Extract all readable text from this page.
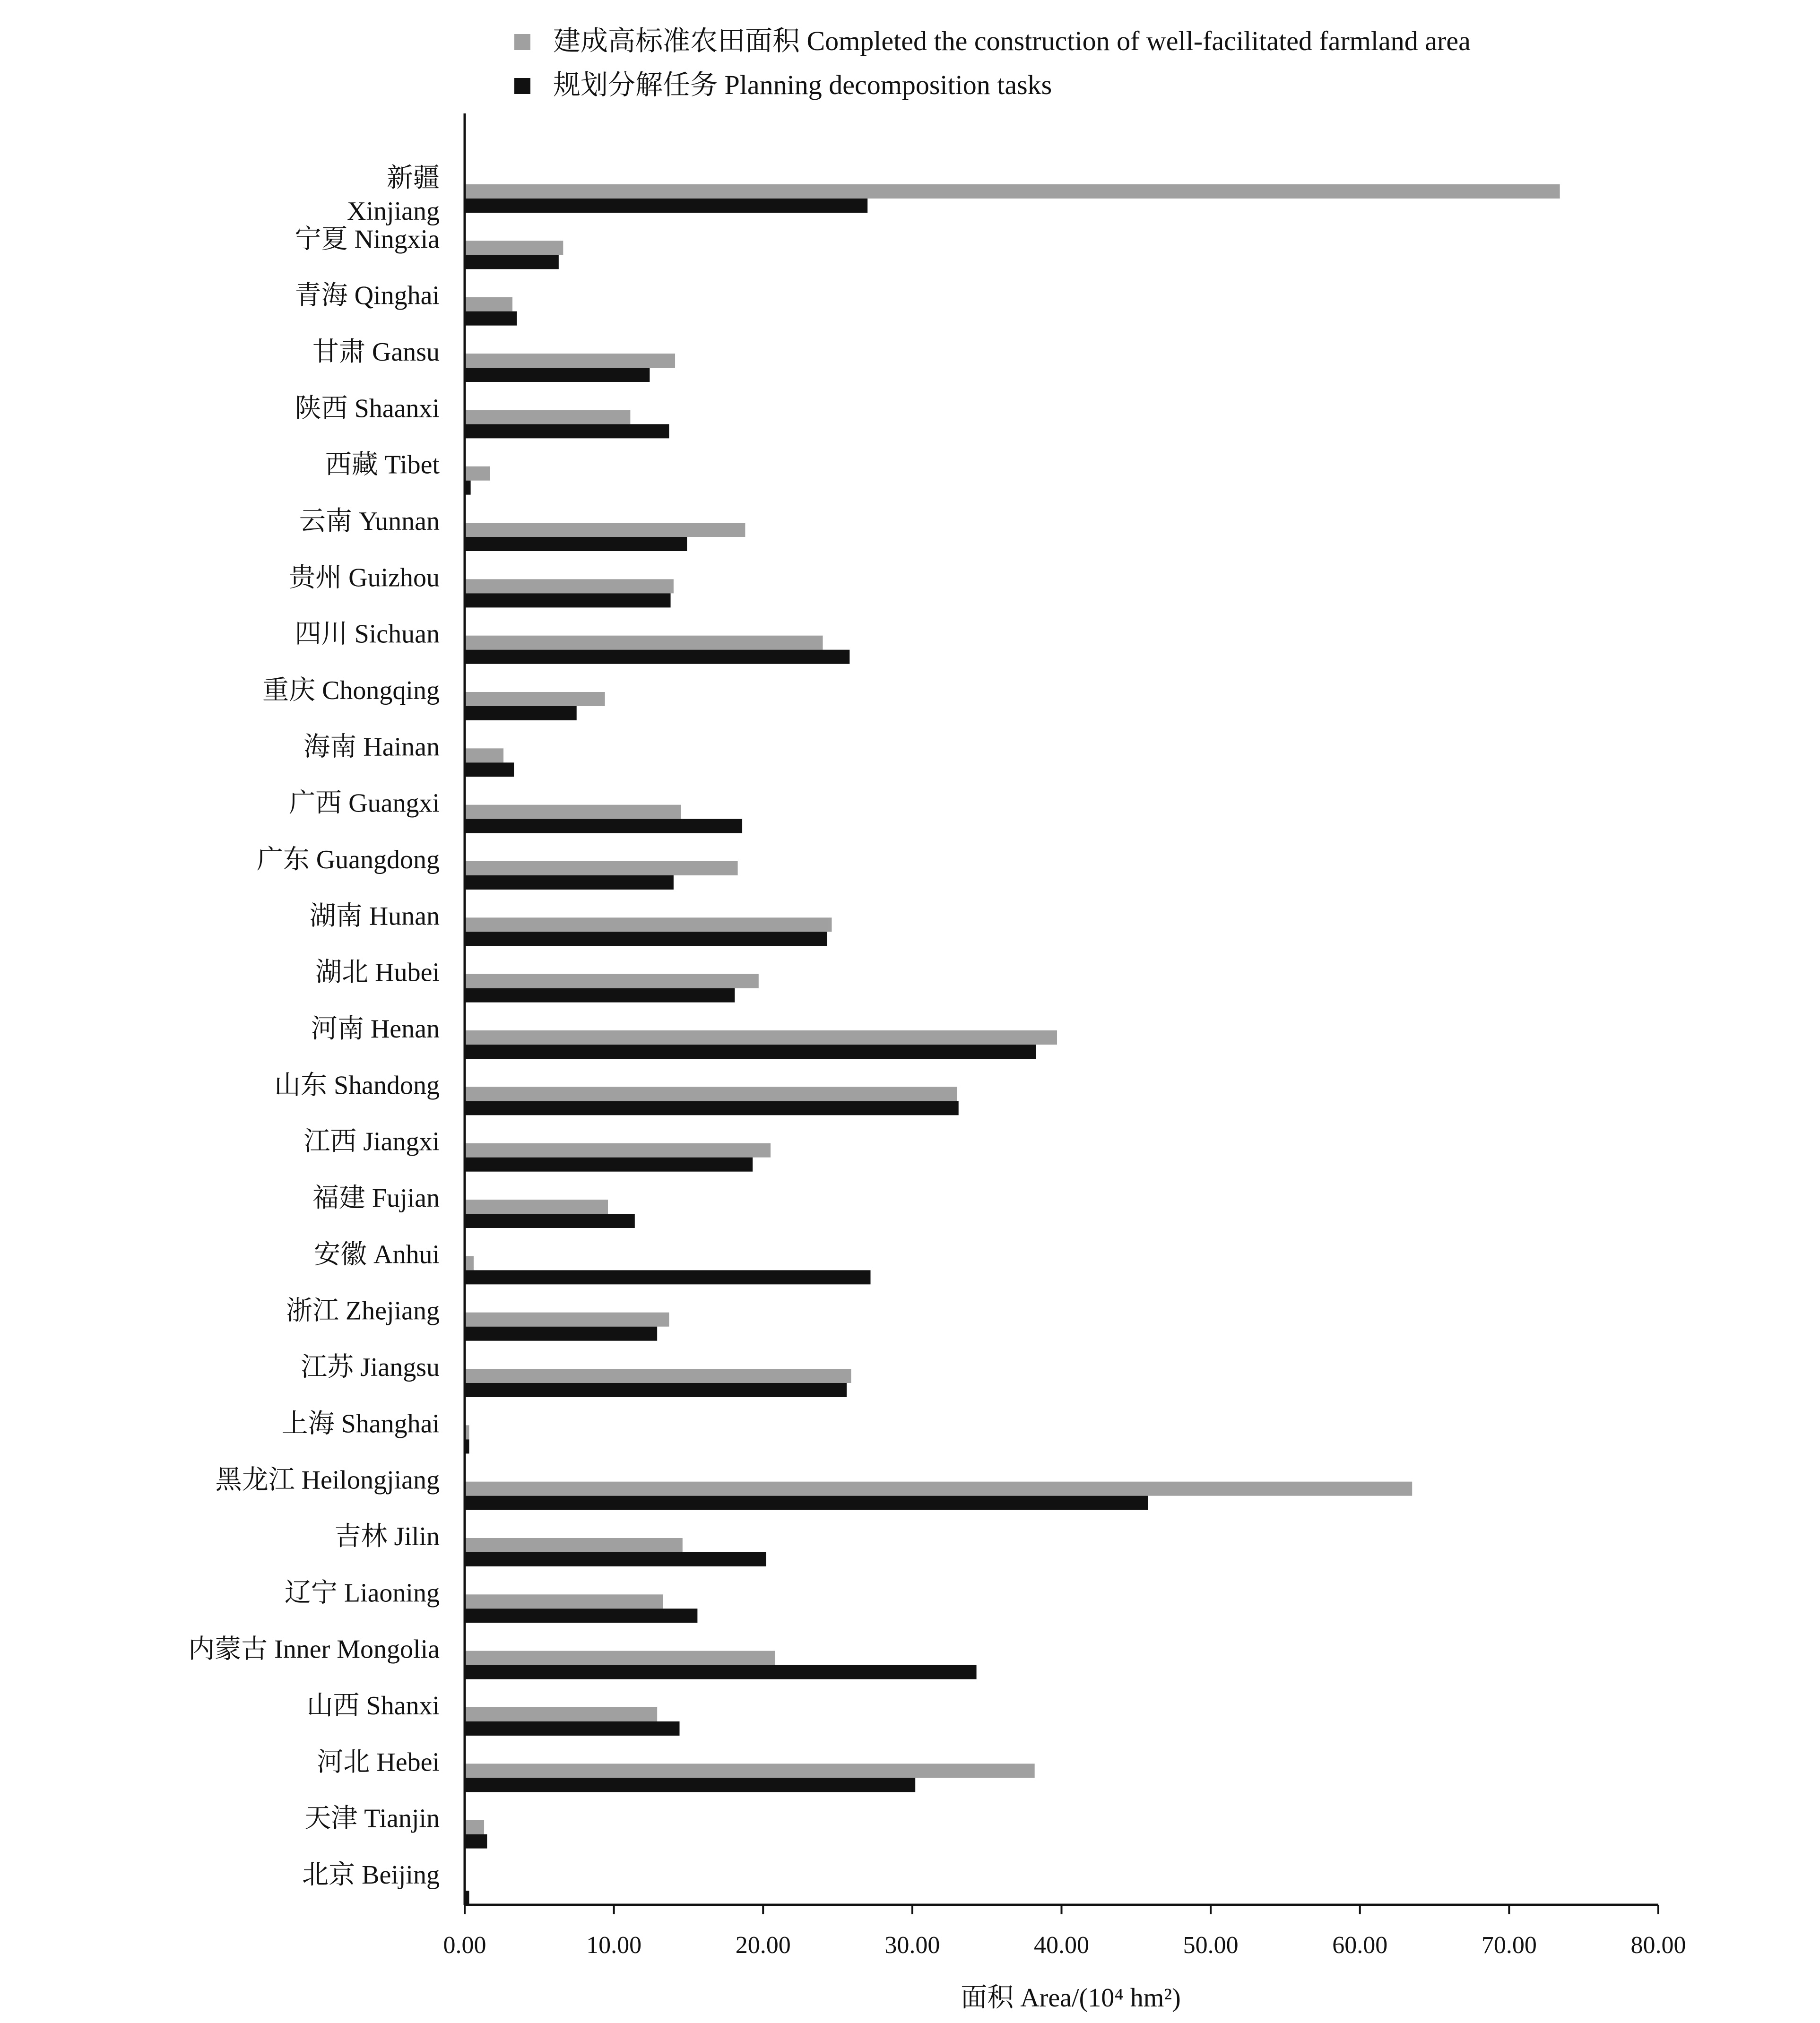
建成高标准农田面积 Completed the construction of well-facilitated farmland area
规划分解任务 Planning decomposition tasks
新疆 Xinjiang
宁夏 Ningxia
青海 Qinghai
甘肃 Gansu
陕西 Shaanxi
西藏 Tibet
云南 Yunnan
贵州 Guizhou
四川 Sichuan
重庆 Chongqing
海南 Hainan
广西 Guangxi
广东 Guangdong
湖南 Hunan
湖北 Hubei
河南 Henan
山东 Shandong
江西 Jiangxi
福建 Fujian
安徽 Anhui
浙江 Zhejiang
江苏 Jiangsu
上海 Shanghai
黑龙江 Heilongjiang
吉林 Jilin
辽宁 Liaoning
内蒙古 Inner Mongolia
山西 Shanxi
河北 Hebei
天津 Tianjin
北京 Beijing
0.00	10.00	20.00	30.00	40.00	50.00	60.00	70.00	80.00
面积 Area/(10⁴ hm²)
